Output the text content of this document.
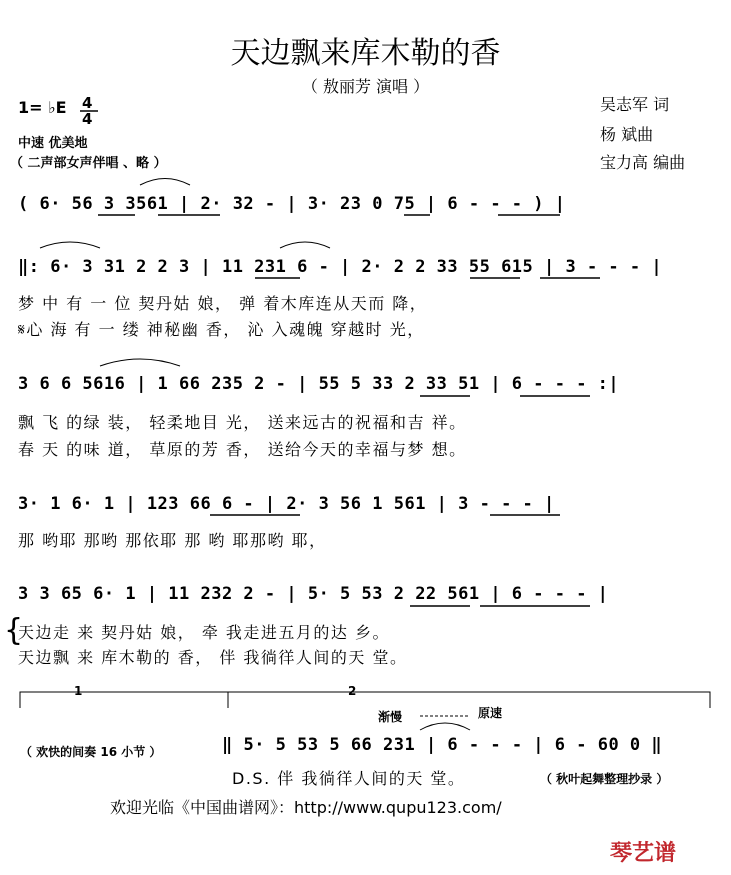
天边飘来库木勒的香
（ 敖丽芳 演唱 ）
吴志军 词
杨 斌曲
宝力高 编曲
1= ♭E 4
4
中速 优美地
（ 二声部女声伴唱 、略 ）
( 6· 56 3 3561 | 2· 32 - | 3· 23 0 75 | 6 - - - ) |
‖: 6· 3 31 2 2 3 | 11 231 6 - | 2· 2 2 33 55 615 | 3 - - - |
梦 中 有 一 位 契丹姑 娘， 弹 着木库连从天而 降，
𝄋心 海 有 一 缕 神秘幽 香， 沁 入魂魄 穿越时 光，
3 6 6 5616 | 1 66 235 2 - | 55 5 33 2 33 51 | 6 - - - :|
飘 飞 的绿 装， 轻柔地目 光， 送来远古的祝福和吉 祥。
春 天 的味 道， 草原的芳 香， 送给今天的幸福与梦 想。
3· 1 6· 1 | 123 66 6 - | 2· 3 56 1 561 | 3 - - - |
那 哟耶 那哟 那依耶 那 哟 耶那哟 耶，
3 3 65 6· 1 | 11 232 2 - | 5· 5 53 2 22 561 | 6 - - - |
{
天边走 来 契丹姑 娘， 牵 我走进五月的达 乡。
天边飘 来 库木勒的 香， 伴 我徜徉人间的天 堂。
1	2
渐慢	原速
（ 欢快的间奏 16 小节 ）	‖ 5· 5 53 5 66 231 | 6 - - - | 6 - 60 0 ‖
D.S. 伴 我徜徉人间的天 堂。	（ 秋叶起舞整理抄录 ）
欢迎光临《中国曲谱网》：http://www.qupu123.com/
琴艺谱
